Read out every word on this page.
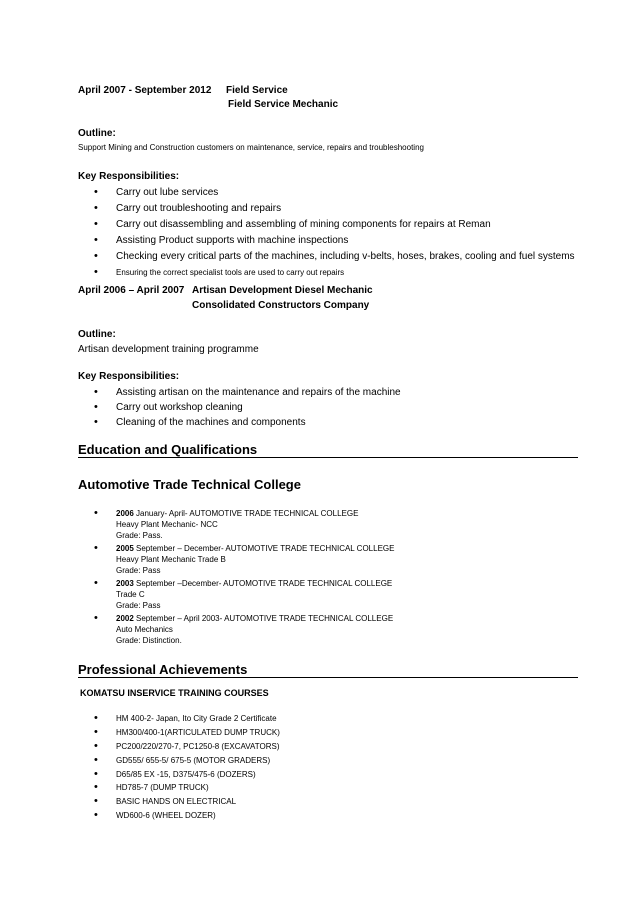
April 2007 - September 2012 Field Service
Field Service Mechanic
Outline:
Support Mining and Construction customers on maintenance, service, repairs and troubleshooting
Key Responsibilities:
• Carry out lube services
• Carry out troubleshooting and repairs
• Carry out disassembling and assembling of mining components for repairs at Reman
• Assisting Product supports with machine inspections
• Checking every critical parts of the machines, including v-belts, hoses, brakes, cooling and fuel systems
• Ensuring the correct specialist tools are used to carry out repairs
April 2006 – April 2007 Artisan Development Diesel Mechanic
Consolidated Constructors Company
Outline:
Artisan development training programme
Key Responsibilities:
• Assisting artisan on the maintenance and repairs of the machine
• Carry out workshop cleaning
• Cleaning of the machines and components
Education and Qualifications
Automotive Trade Technical College
• 2006 January- April- AUTOMOTIVE TRADE TECHNICAL COLLEGE
Heavy Plant Mechanic- NCC
Grade: Pass.
• 2005 September – December- AUTOMOTIVE TRADE TECHNICAL COLLEGE
Heavy Plant Mechanic Trade B
Grade: Pass
• 2003 September –December- AUTOMOTIVE TRADE TECHNICAL COLLEGE
Trade C
Grade: Pass
• 2002 September – April 2003- AUTOMOTIVE TRADE TECHNICAL COLLEGE
Auto Mechanics
Grade: Distinction.
Professional Achievements
KOMATSU INSERVICE TRAINING COURSES
• HM 400-2- Japan, Ito City Grade 2 Certificate
• HM300/400-1(ARTICULATED DUMP TRUCK)
• PC200/220/270-7, PC1250-8 (EXCAVATORS)
• GD555/ 655-5/ 675-5 (MOTOR GRADERS)
• D65/85 EX -15, D375/475-6 (DOZERS)
• HD785-7 (DUMP TRUCK)
• BASIC HANDS ON ELECTRICAL
• WD600-6 (WHEEL DOZER)
